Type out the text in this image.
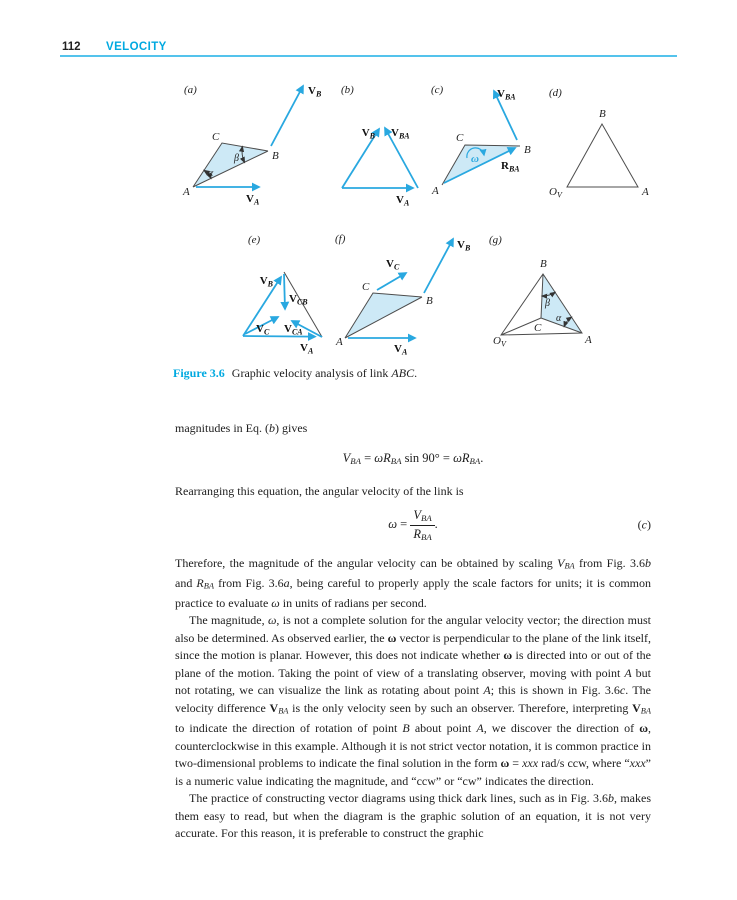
112 VELOCITY
(a)
α
β
A
C
B
$V_A$
$V_B$ (b)
$V_B$ $V_{BA}$
$V_A$
(c)
ω
A
C
B
$V_{BA}$
$R_{BA}$
(d)
B
$O_V$	A
(e)
$V_B$
$V_{CB}$
$V_C$ $V_{CA}$
$V_A$
(f)
A
C
B
$V_C$
$V_B$
$V_A$
(g)
β
α
B
C
$O_V$	A
Figure 3.6 Graphic velocity analysis of link ABC.

magnitudes in Eq. (b) gives

VBA = ωRBA sin 90° = ωRBA.

Rearranging this equation, the angular velocity of the link is

$\omega = \frac{\text{VBA}}{\text{RBA}}$ .	(c)

Therefore, the magnitude of the angular velocity can be obtained by scaling VBA from Fig. 3.6b and RBA from Fig. 3.6a, being careful to properly apply the scale factors for units; it is common practice to evaluate ω in units of radians per second.

The magnitude, ω, is not a complete solution for the angular velocity vector; the direction must also be determined. As observed earlier, the ω vector is perpendicular to the plane of the link itself, since the motion is planar. However, this does not indicate whether ω is directed into or out of the plane of the motion. Taking the point of view of a translating observer, moving with point A but not rotating, we can visualize the link as rotating about point A; this is shown in Fig. 3.6c. The velocity difference VBA is the only velocity seen by such an observer. Therefore, interpreting VBA to indicate the direction of rotation of point B about point A, we discover the direction of ω, counterclockwise in this example. Although it is not strict vector notation, it is common practice in two-dimensional problems to indicate the final solution in the form ω = xxx rad/s ccw, where “xxx” is a numeric value indicating the magnitude, and “ccw” or “cw” indicates the direction.

The practice of constructing vector diagrams using thick dark lines, such as in Fig. 3.6b, makes them easy to read, but when the diagram is the graphic solution of an equation, it is not very accurate. For this reason, it is preferable to construct the graphic
